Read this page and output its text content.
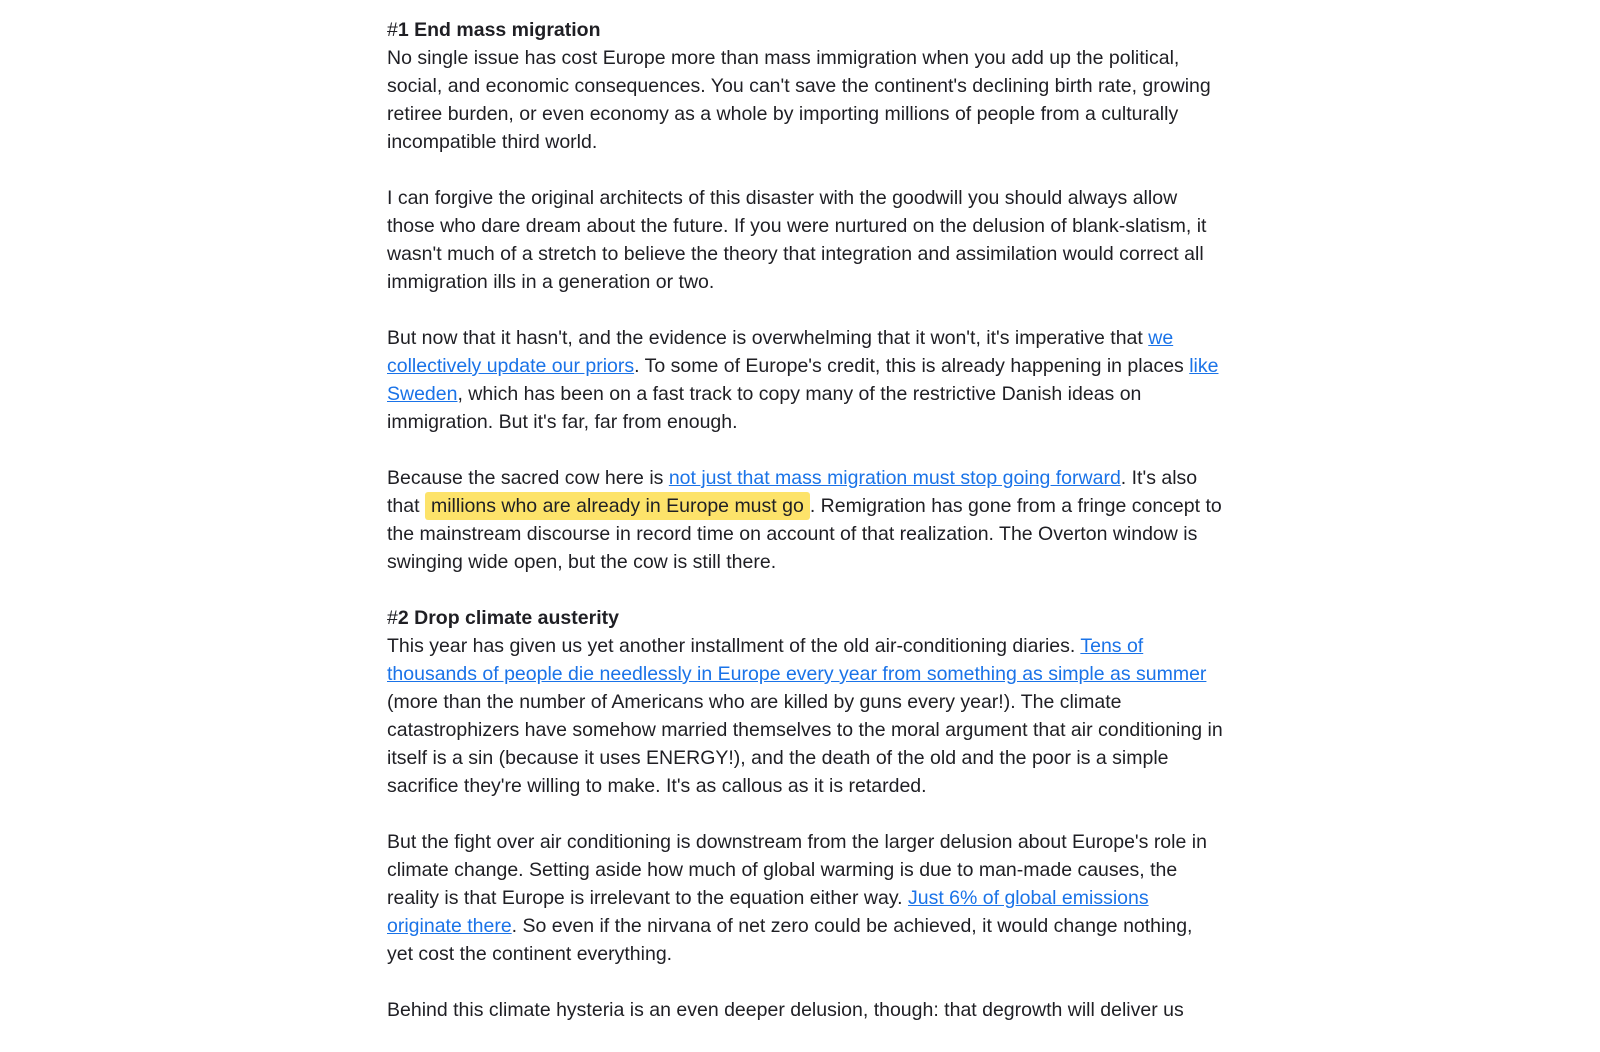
#1 End mass migration

No single issue has cost Europe more than mass immigration when you add up the political, social, and economic consequences. You can't save the continent's declining birth rate, growing retiree burden, or even economy as a whole by importing millions of people from a culturally incompatible third world.

I can forgive the original architects of this disaster with the goodwill you should always allow those who dare dream about the future. If you were nurtured on the delusion of blank-slatism, it wasn't much of a stretch to believe the theory that integration and assimilation would correct all immigration ills in a generation or two.

But now that it hasn't, and the evidence is overwhelming that it won't, it's imperative that we collectively update our priors. To some of Europe's credit, this is already happening in places like Sweden, which has been on a fast track to copy many of the restrictive Danish ideas on immigration. But it's far, far from enough.

Because the sacred cow here is not just that mass migration must stop going forward. It's also that millions who are already in Europe must go . Remigration has gone from a fringe concept to the mainstream discourse in record time on account of that realization. The Overton window is swinging wide open, but the cow is still there.

#2 Drop climate austerity

This year has given us yet another installment of the old air-conditioning diaries. Tens of thousands of people die needlessly in Europe every year from something as simple as summer (more than the number of Americans who are killed by guns every year!). The climate catastrophizers have somehow married themselves to the moral argument that air conditioning in itself is a sin (because it uses ENERGY!), and the death of the old and the poor is a simple sacrifice they're willing to make. It's as callous as it is retarded.

But the fight over air conditioning is downstream from the larger delusion about Europe's role in climate change. Setting aside how much of global warming is due to man-made causes, the reality is that Europe is irrelevant to the equation either way. Just 6% of global emissions originate there. So even if the nirvana of net zero could be achieved, it would change nothing, yet cost the continent everything.

Behind this climate hysteria is an even deeper delusion, though: that degrowth will deliver us
